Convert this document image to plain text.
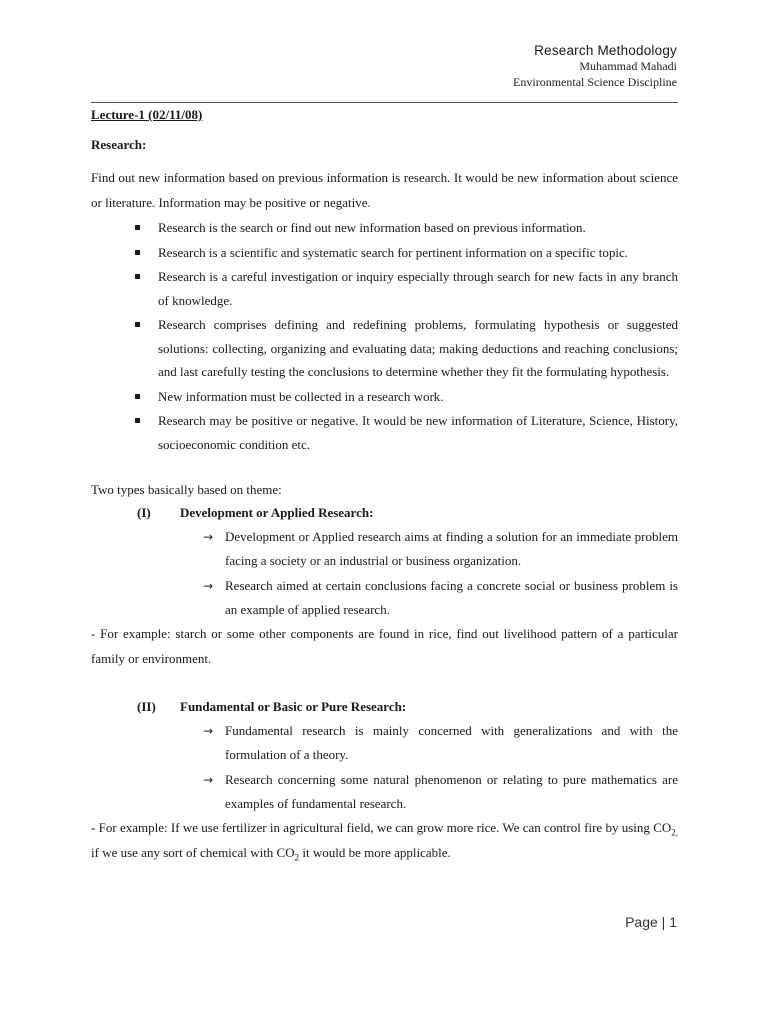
Research Methodology
Muhammad Mahadi
Environmental Science Discipline
Lecture-1 (02/11/08)
Research:

Find out new information based on previous information is research. It would be new information about science or literature. Information may be positive or negative.

Research is the search or find out new information based on previous information.
Research is a scientific and systematic search for pertinent information on a specific topic.
Research is a careful investigation or inquiry especially through search for new facts in any branch of knowledge.
Research comprises defining and redefining problems, formulating hypothesis or suggested solutions: collecting, organizing and evaluating data; making deductions and reaching conclusions; and last carefully testing the conclusions to determine whether they fit the formulating hypothesis.
New information must be collected in a research work.
Research may be positive or negative. It would be new information of Literature, Science, History, socioeconomic condition etc.

Two types basically based on theme:

(I) Development or Applied Research:
→ Development or Applied research aims at finding a solution for an immediate problem facing a society or an industrial or business organization.
→ Research aimed at certain conclusions facing a concrete social or business problem is an example of applied research.

- For example: starch or some other components are found in rice, find out livelihood pattern of a particular family or environment.

(II) Fundamental or Basic or Pure Research:
→ Fundamental research is mainly concerned with generalizations and with the formulation of a theory.
→ Research concerning some natural phenomenon or relating to pure mathematics are examples of fundamental research.

- For example: If we use fertilizer in agricultural field, we can grow more rice. We can control fire by using $CO_{2,}$ if we use any sort of chemical with $CO_2$ it would be more applicable.

Page | 1
